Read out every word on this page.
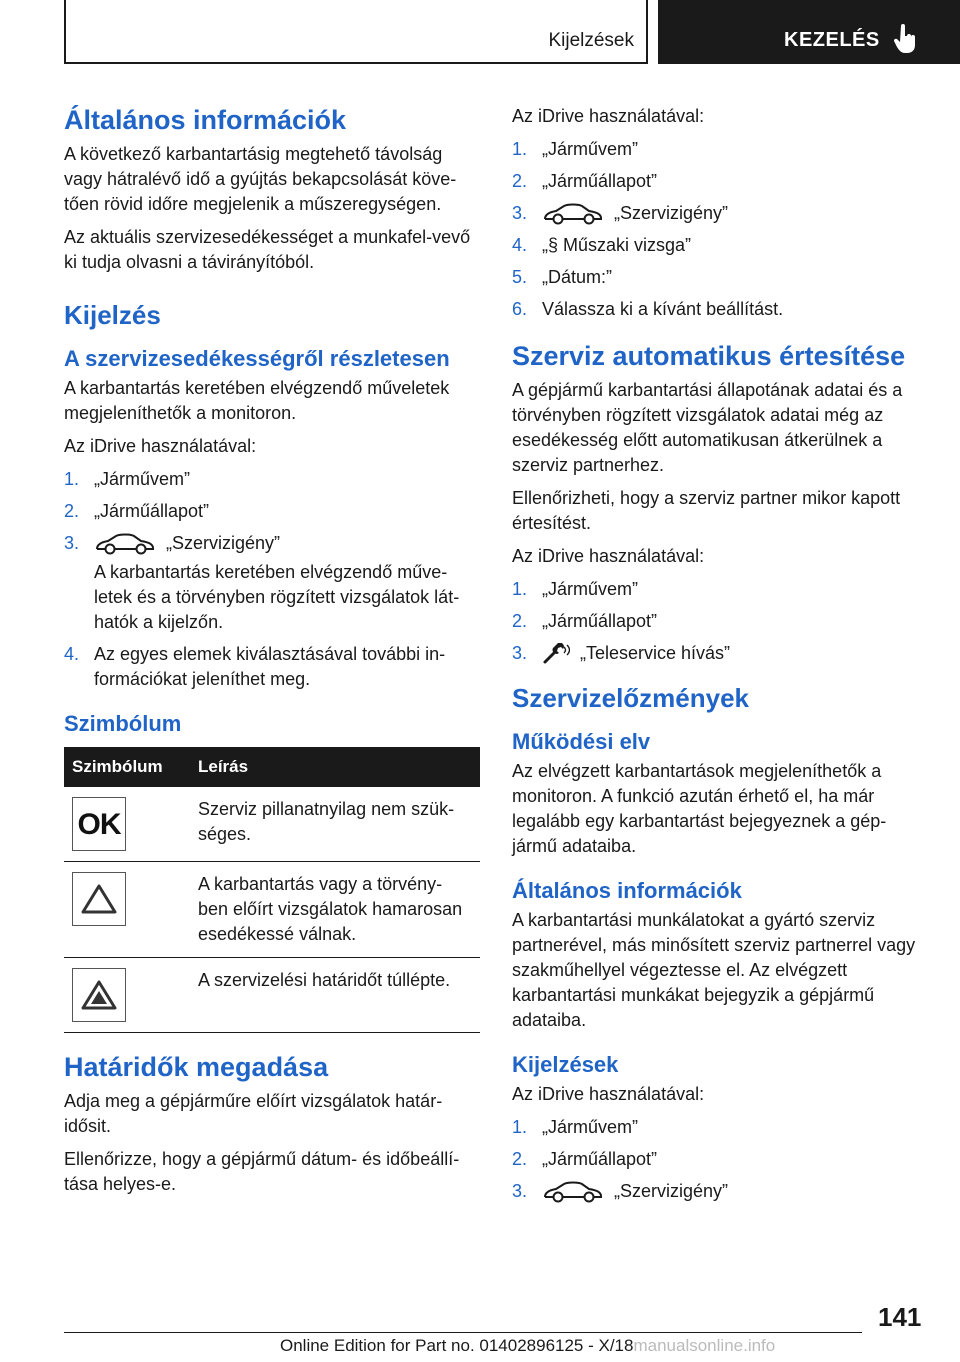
Kijelzések	KEZELÉS
Általános információk

A következő karbantartásig megtehető távolság vagy hátralévő idő a gyújtás bekapcsolását köve-tően rövid időre megjelenik a műszeregységen.

Az aktuális szervizesedékességet a munkafel-vevő ki tudja olvasni a távirányítóból.

Kijelzés
A szervizesedékességről részletesen

A karbantartás keretében elvégzendő műveletek megjeleníthetők a monitoron.

Az iDrive használatával:

1. „Járművem”
2. „Járműállapot”
3.	„Szervizigény”
A karbantartás keretében elvégzendő műve-letek és a törvényben rögzített vizsgálatok lát-hatók a kijelzőn.
4. Az egyes elemek kiválasztásával további in-formációkat jeleníthet meg.
Szimbólum
Szimbólum	Leírás

OK	Szerviz pillanatnyilag nem szük-séges.

	A karbantartás vagy a törvény-ben előírt vizsgálatok hamarosan esedékessé válnak.

	A szervizelési határidőt túllépte.
Határidők megadása

Adja meg a gépjárműre előírt vizsgálatok határ-idősit.

Ellenőrizze, hogy a gépjármű dátum- és időbeállí-tása helyes-e.

Az iDrive használatával:

1. „Járművem”
2. „Járműállapot”
3.	„Szervizigény”
4. „§ Műszaki vizsga”
5. „Dátum:”
6. Válassza ki a kívánt beállítást.
Szerviz automatikus értesítése

A gépjármű karbantartási állapotának adatai és a törvényben rögzített vizsgálatok adatai még az esedékesség előtt automatikusan átkerülnek a szerviz partnerhez.

Ellenőrizheti, hogy a szerviz partner mikor kapott értesítést.

Az iDrive használatával:

1. „Járművem”
2. „Járműállapot”
3.	„Teleservice hívás”
Szervizelőzmények
Működési elv

Az elvégzett karbantartások megjeleníthetők a monitoron. A funkció azután érhető el, ha már legalább egy karbantartást bejegyeznek a gép-jármű adataiba.

Általános információk

A karbantartási munkálatokat a gyártó szerviz partnerével, más minősített szerviz partnerrel vagy szakműhellyel végeztesse el. Az elvégzett karbantartási munkákat bejegyzik a gépjármű adataiba.

Kijelzések

Az iDrive használatával:

1. „Járművem”
2. „Járműállapot”
3.	„Szervizigény”
141
Online Edition for Part no. 01402896125 - X/18manualsonline.info
